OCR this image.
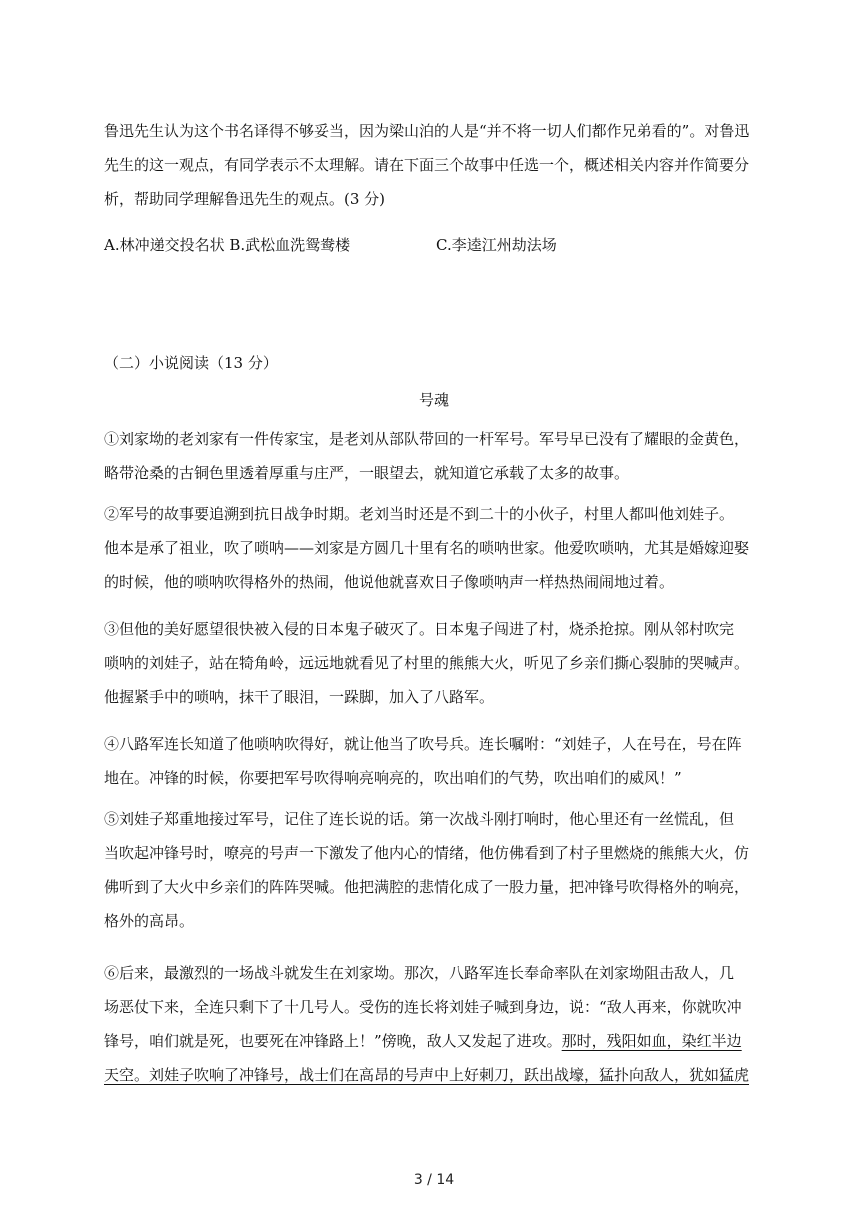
鲁迅先生认为这个书名译得不够妥当，因为梁山泊的人是“并不将一切人们都作兄弟看的”。对鲁迅
先生的这一观点，有同学表示不太理解。请在下面三个故事中任选一个，概述相关内容并作简要分
析，帮助同学理解鲁迅先生的观点。(3 分)
A.林冲递交投名状 B.武松血洗鸳鸯楼	C.李逵江州劫法场
（二）小说阅读（13 分）
号魂
①刘家坳的老刘家有一件传家宝，是老刘从部队带回的一杆军号。军号早已没有了耀眼的金黄色，
略带沧桑的古铜色里透着厚重与庄严，一眼望去，就知道它承载了太多的故事。
②军号的故事要追溯到抗日战争时期。老刘当时还是不到二十的小伙子，村里人都叫他刘娃子。
他本是承了祖业，吹了唢呐——刘家是方圆几十里有名的唢呐世家。他爱吹唢呐，尤其是婚嫁迎娶
的时候，他的唢呐吹得格外的热闹，他说他就喜欢日子像唢呐声一样热热闹闹地过着。
③但他的美好愿望很快被入侵的日本鬼子破灭了。日本鬼子闯进了村，烧杀抢掠。刚从邻村吹完
唢呐的刘娃子，站在犄角岭，远远地就看见了村里的熊熊大火，听见了乡亲们撕心裂肺的哭喊声。
他握紧手中的唢呐，抹干了眼泪，一跺脚，加入了八路军。
④八路军连长知道了他唢呐吹得好，就让他当了吹号兵。连长嘱咐：“刘娃子，人在号在，号在阵
地在。冲锋的时候，你要把军号吹得响亮响亮的，吹出咱们的气势，吹出咱们的威风！”
⑤刘娃子郑重地接过军号，记住了连长说的话。第一次战斗刚打响时，他心里还有一丝慌乱，但
当吹起冲锋号时，嘹亮的号声一下激发了他内心的情绪，他仿佛看到了村子里燃烧的熊熊大火，仿
佛听到了大火中乡亲们的阵阵哭喊。他把满腔的悲情化成了一股力量，把冲锋号吹得格外的响亮，
格外的高昂。
⑥后来，最激烈的一场战斗就发生在刘家坳。那次，八路军连长奉命率队在刘家坳阻击敌人，几
场恶仗下来，全连只剩下了十几号人。受伤的连长将刘娃子喊到身边，说：“敌人再来，你就吹冲
锋号，咱们就是死，也要死在冲锋路上！”傍晚，敌人又发起了进攻。那时，残阳如血，染红半边
天空。刘娃子吹响了冲锋号，战士们在高昂的号声中上好刺刀，跃出战壕，猛扑向敌人，犹如猛虎
3 / 14
